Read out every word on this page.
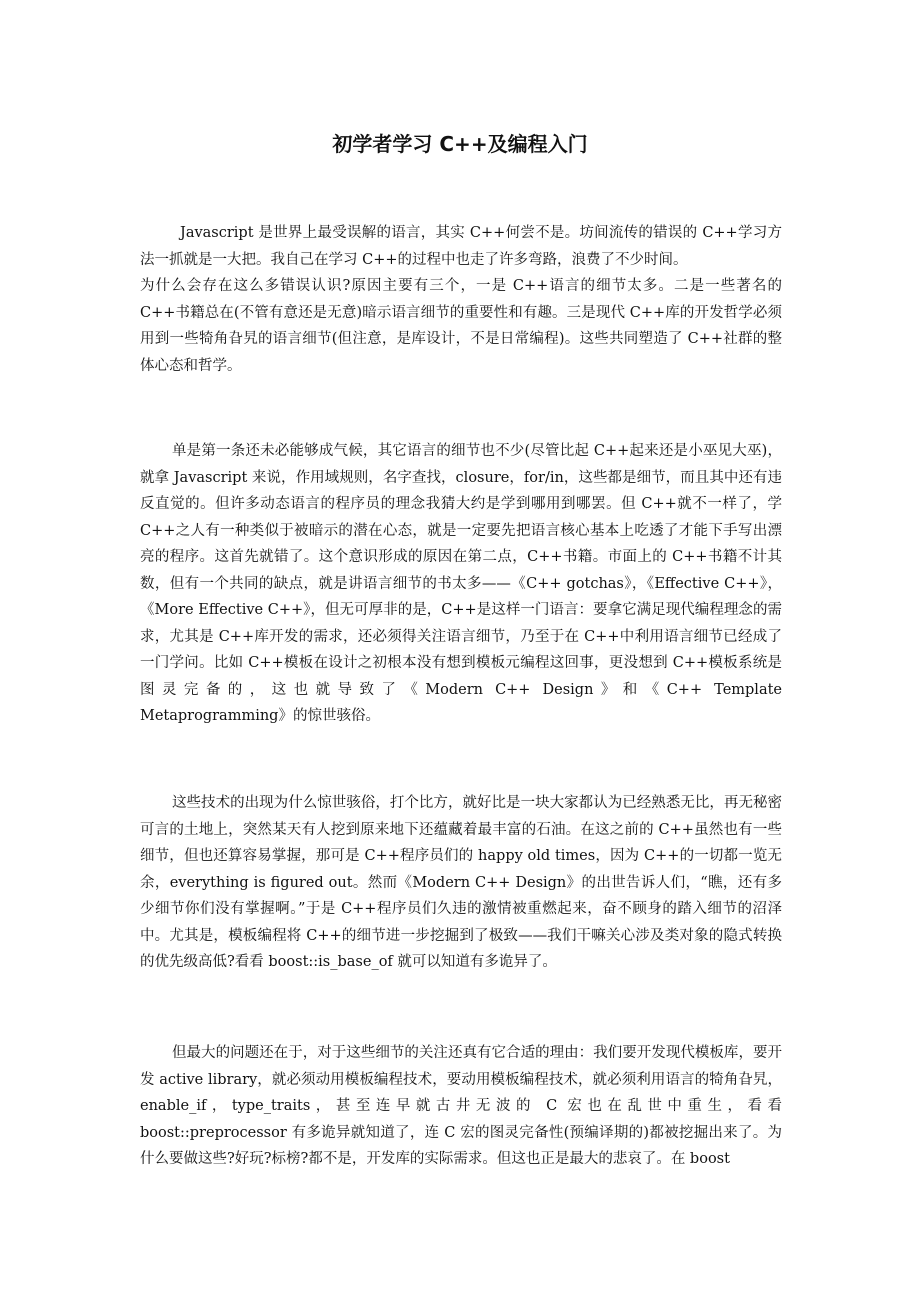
初学者学习 C++及编程入门

Javascript 是世界上最受误解的语言，其实 C++何尝不是。坊间流传的错误的 C++学习方法一抓就是一大把。我自己在学习 C++的过程中也走了许多弯路，浪费了不少时间。

为什么会存在这么多错误认识?原因主要有三个，一是 C++语言的细节太多。二是一些著名的 C++书籍总在(不管有意还是无意)暗示语言细节的重要性和有趣。三是现代 C++库的开发哲学必须用到一些犄角旮旯的语言细节(但注意，是库设计，不是日常编程)。这些共同塑造了 C++社群的整体心态和哲学。

单是第一条还未必能够成气候，其它语言的细节也不少(尽管比起 C++起来还是小巫见大巫)，就拿 Javascript 来说，作用域规则，名字查找，closure，for/in，这些都是细节，而且其中还有违反直觉的。但许多动态语言的程序员的理念我猜大约是学到哪用到哪罢。但 C++就不一样了，学 C++之人有一种类似于被暗示的潜在心态，就是一定要先把语言核心基本上吃透了才能下手写出漂亮的程序。这首先就错了。这个意识形成的原因在第二点，C++书籍。市面上的 C++书籍不计其数，但有一个共同的缺点，就是讲语言细节的书太多——《C++ gotchas》，《Effective C++》，《More Effective C++》，但无可厚非的是，C++是这样一门语言：要拿它满足现代编程理念的需求，尤其是 C++库开发的需求，还必须得关注语言细节，乃至于在 C++中利用语言细节已经成了一门学问。比如 C++模板在设计之初根本没有想到模板元编程这回事，更没想到 C++模板系统是图灵完备的，这也就导致了《Modern C++ Design》和《C++ Template Metaprogramming》的惊世骇俗。

这些技术的出现为什么惊世骇俗，打个比方，就好比是一块大家都认为已经熟悉无比，再无秘密可言的土地上，突然某天有人挖到原来地下还蕴藏着最丰富的石油。在这之前的 C++虽然也有一些细节，但也还算容易掌握，那可是 C++程序员们的 happy old times，因为 C++的一切都一览无余，everything is figured out。然而《Modern C++ Design》的出世告诉人们，“瞧，还有多少细节你们没有掌握啊。”于是 C++程序员们久违的激情被重燃起来，奋不顾身的踏入细节的沼泽中。尤其是，模板编程将 C++的细节进一步挖掘到了极致——我们干嘛关心涉及类对象的隐式转换的优先级高低?看看 boost::is_base_of 就可以知道有多诡异了。

但最大的问题还在于，对于这些细节的关注还真有它合适的理由：我们要开发现代模板库，要开发 active library，就必须动用模板编程技术，要动用模板编程技术，就必须利用语言的犄角旮旯，enable_if，type_traits，甚至连早就古井无波的 C 宏也在乱世中重生，看看 boost::preprocessor 有多诡异就知道了，连 C 宏的图灵完备性(预编译期的)都被挖掘出来了。为什么要做这些?好玩?标榜?都不是，开发库的实际需求。但这也正是最大的悲哀了。在 boost
